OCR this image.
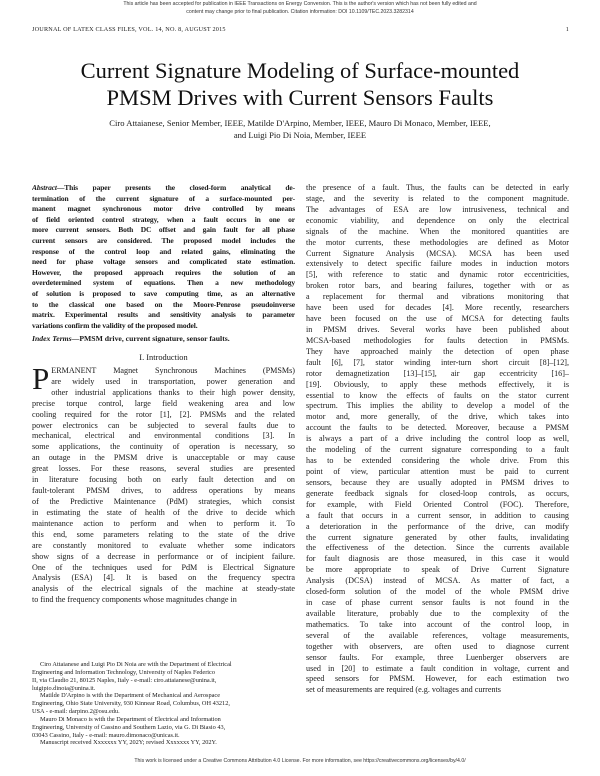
This article has been accepted for publication in IEEE Transactions on Energy Conversion. This is the author's version which has not been fully edited and
content may change prior to final publication. Citation information: DOI 10.1109/TEC.2023.3282314
JOURNAL OF LATEX CLASS FILES, VOL. 14, NO. 8, AUGUST 2015	1
Current Signature Modeling of Surface-mounted
PMSM Drives with Current Sensors Faults
Ciro Attaianese, Senior Member, IEEE, Matilde D'Arpino, Member, IEEE, Mauro Di Monaco, Member, IEEE,
and Luigi Pio Di Noia, Member, IEEE
Abstract—This paper presents the closed-form analytical de-
termination of the current signature of a surface-mounted per-
manent magnet synchronous motor drive controlled by means
of field oriented control strategy, when a fault occurs in one or
more current sensors. Both DC offset and gain fault for all phase
current sensors are considered. The proposed model includes the
response of the control loop and related gains, eliminating the
need for phase voltage sensors and complicated state estimation.
However, the proposed approach requires the solution of an
overdetermined system of equations. Then a new methodology
of solution is proposed to save computing time, as an alternative
to the classical one based on the Moore-Penrose pseudoinverse
matrix. Experimental results and sensitivity analysis to parameter
variations confirm the validity of the proposed model.
Index Terms—PMSM drive, current signature, sensor faults.
I. Introduction
P ERMANENT Magnet Synchronous Machines (PMSMs)
are widely used in transportation, power generation and
other industrial applications thanks to their high power density,
precise torque control, large field weakening area and low
cooling required for the rotor [1], [2]. PMSMs and the related
power electronics can be subjected to several faults due to
mechanical, electrical and environmental conditions [3]. In
some applications, the continuity of operation is necessary, so
an outage in the PMSM drive is unacceptable or may cause
great losses. For these reasons, several studies are presented
in literature focusing both on early fault detection and on
fault-tolerant PMSM drives, to address operations by means
of the Predictive Maintenance (PdM) strategies, which consist
in estimating the state of health of the drive to decide which
maintenance action to perform and when to perform it. To
this end, some parameters relating to the state of the drive
are constantly monitored to evaluate whether some indicators
show signs of a decrease in performance or of incipient failure.
One of the techniques used for PdM is Electrical Signature
Analysis (ESA) [4]. It is based on the frequency spectra
analysis of the electrical signals of the machine at steady-state
to find the frequency components whose magnitudes change in
Ciro Attaianese and Luigi Pio Di Noia are with the Department of Electrical
Engineering and Information Technology, University of Naples Federico
II, via Claudio 21, 80125 Naples, Italy - e-mail: ciro.attaianese@unina.it,
luigipio.dinoia@unina.it.
Matilde D'Arpino is with the Department of Mechanical and Aerospace
Engineering, Ohio State University, 930 Kinnear Road, Columbus, OH 43212,
USA - e-mail: darpino.2@osu.edu.
Mauro Di Monaco is with the Department of Electrical and Information
Engineering, University of Cassino and Southern Lazio, via G. Di Biasio 43,
03043 Cassino, Italy - e-mail: mauro.dimonaco@unicas.it.
Manuscript received Xxxxxxx YY, 202Y; revised Xxxxxxx YY, 202Y.
the presence of a fault. Thus, the faults can be detected in early
stage, and the severity is related to the component magnitude.
The advantages of ESA are low intrusiveness, technical and
economic viability, and dependence on only the electrical
signals of the machine. When the monitored quantities are
the motor currents, these methodologies are defined as Motor
Current Signature Analysis (MCSA). MCSA has been used
extensively to detect specific failure modes in induction motors
[5], with reference to static and dynamic rotor eccentricities,
broken rotor bars, and bearing failures, together with or as
a replacement for thermal and vibrations monitoring that
have been used for decades [4]. More recently, researchers
have been focused on the use of MCSA for detecting faults
in PMSM drives. Several works have been published about
MCSA-based methodologies for faults detection in PMSMs.
They have approached mainly the detection of open phase
fault [6], [7], stator winding inter-turn short circuit [8]–[12],
rotor demagnetization [13]–[15], air gap eccentricity [16]–
[19]. Obviously, to apply these methods effectively, it is
essential to know the effects of faults on the stator current
spectrum. This implies the ability to develop a model of the
motor and, more generally, of the drive, which takes into
account the faults to be detected. Moreover, because a PMSM
is always a part of a drive including the control loop as well,
the modeling of the current signature corresponding to a fault
has to be extended considering the whole drive. From this
point of view, particular attention must be paid to current
sensors, because they are usually adopted in PMSM drives to
generate feedback signals for closed-loop controls, as occurs,
for example, with Field Oriented Control (FOC). Therefore,
a fault that occurs in a current sensor, in addition to causing
a deterioration in the performance of the drive, can modify
the current signature generated by other faults, invalidating
the effectiveness of the detection. Since the currents available
for fault diagnosis are those measured, in this case it would
be more appropriate to speak of Drive Current Signature
Analysis (DCSA) instead of MCSA. As matter of fact, a
closed-form solution of the model of the whole PMSM drive
in case of phase current sensor faults is not found in the
available literature, probably due to the complexity of the
mathematics. To take into account of the control loop, in
several of the available references, voltage measurements,
together with observers, are often used to diagnose current
sensor faults. For example, three Luenberger observers are
used in [20] to estimate a fault condition in voltage, current and
speed sensors for PMSM. However, for each estimation two
set of measurements are required (e.g. voltages and currents
This work is licensed under a Creative Commons Attribution 4.0 License. For more information, see https://creativecommons.org/licenses/by/4.0/
